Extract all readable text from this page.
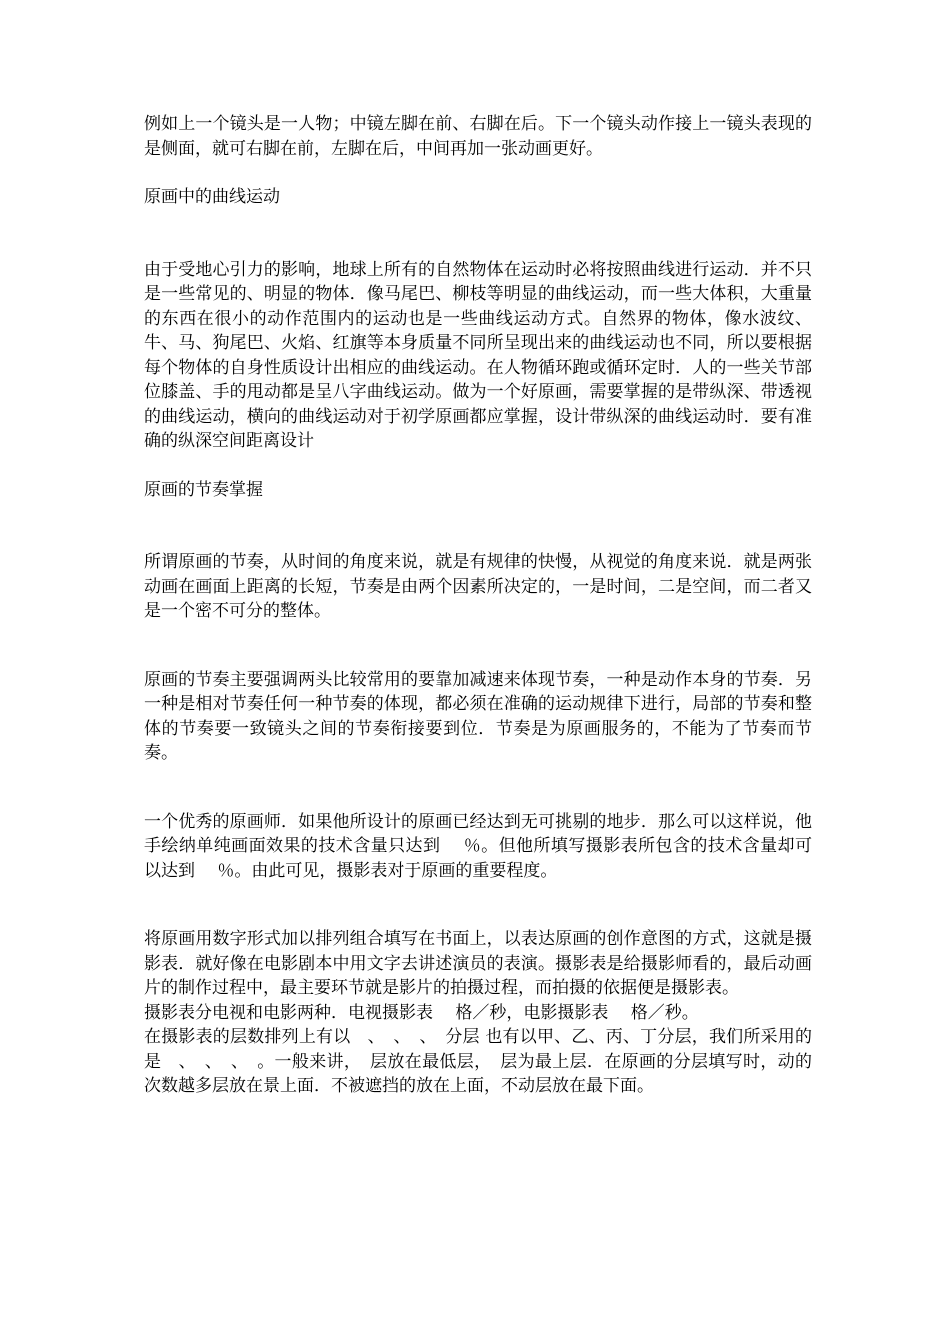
例如上一个镜头是一人物；中镜左脚在前、右脚在后。下一个镜头动作接上一镜头表现的是侧面，就可右脚在前，左脚在后，中间再加一张动画更好。

原画中的曲线运动

由于受地心引力的影响，地球上所有的自然物体在运动时必将按照曲线进行运动．并不只是一些常见的、明显的物体．像马尾巴、柳枝等明显的曲线运动，而一些大体积，大重量的东西在很小的动作范围内的运动也是一些曲线运动方式。自然界的物体，像水波纹、牛、马、狗尾巴、火焰、红旗等本身质量不同所呈现出来的曲线运动也不同，所以要根据每个物体的自身性质设计出相应的曲线运动。在人物循环跑或循环定时．人的一些关节部位膝盖、手的甩动都是呈八字曲线运动。做为一个好原画，需要掌握的是带纵深、带透视的曲线运动，横向的曲线运动对于初学原画都应掌握，设计带纵深的曲线运动时．要有准确的纵深空间距离设计

原画的节奏掌握

所谓原画的节奏，从时间的角度来说，就是有规律的快慢，从视觉的角度来说．就是两张动画在画面上距离的长短，节奏是由两个因素所决定的，一是时间，二是空间，而二者又是一个密不可分的整体。

原画的节奏主要强调两头比较常用的要靠加减速来体现节奏，一种是动作本身的节奏．另一种是相对节奏任何一种节奏的体现，都必须在准确的运动规律下进行，局部的节奏和整体的节奏要一致镜头之间的节奏衔接要到位．节奏是为原画服务的，不能为了节奏而节奏。

一个优秀的原画师．如果他所设计的原画已经达到无可挑剔的地步．那么可以这样说，他手绘纳单纯画面效果的技术含量只达到　 ％。但他所填写摄影表所包含的技术含量却可以达到　 ％。由此可见，摄影表对于原画的重要程度。

将原画用数字形式加以排列组合填写在书面上，以表达原画的创作意图的方式，这就是摄影表．就好像在电影剧本中用文字去讲述演员的表演。摄影表是给摄影师看的，最后动画片的制作过程中，最主要环节就是影片的拍摄过程，而拍摄的依据便是摄影表。

摄影表分电视和电影两种．电视摄影表　 格／秒，电影摄影表　 格／秒。

在摄影表的层数排列上有以　、　、　、　分层 也有以甲、乙、丙、丁分层，我们所采用的是　、　、　、　。一般来讲，　层放在最低层，　层为最上层．在原画的分层填写时，动的次数越多层放在景上面．不被遮挡的放在上面，不动层放在最下面。
